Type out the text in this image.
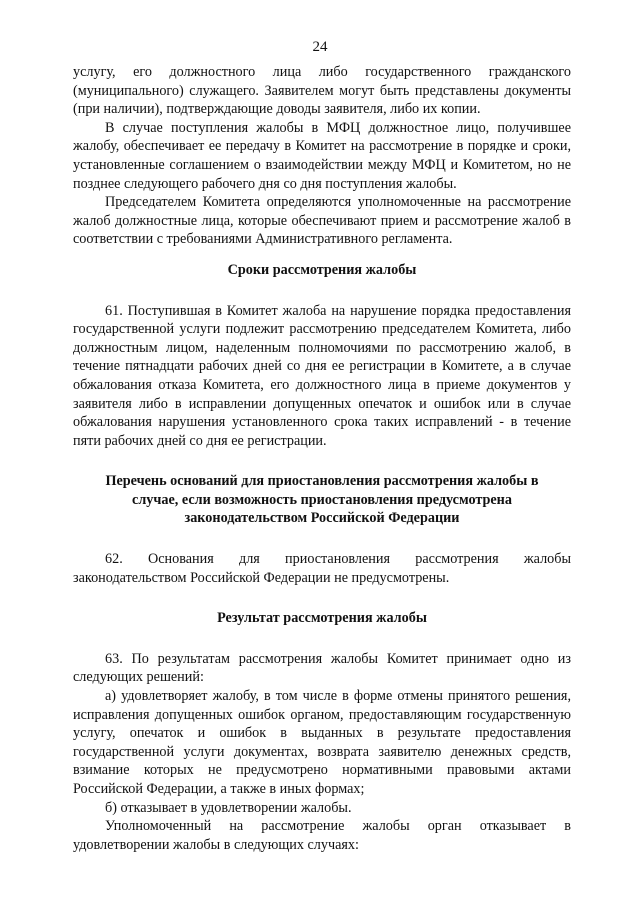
24

услугу, его должностного лица либо государственного гражданского (муниципального) служащего. Заявителем могут быть представлены документы (при наличии), подтверждающие доводы заявителя, либо их копии.

В случае поступления жалобы в МФЦ должностное лицо, получившее жалобу, обеспечивает ее передачу в Комитет на рассмотрение в порядке и сроки, установленные соглашением о взаимодействии между МФЦ и Комитетом, но не позднее следующего рабочего дня со дня поступления жалобы.

Председателем Комитета определяются уполномоченные на рассмотрение жалоб должностные лица, которые обеспечивают прием и рассмотрение жалоб в соответствии с требованиями Административного регламента.

Сроки рассмотрения жалобы

61. Поступившая в Комитет жалоба на нарушение порядка предоставления государственной услуги подлежит рассмотрению председателем Комитета, либо должностным лицом, наделенным полномочиями по рассмотрению жалоб, в течение пятнадцати рабочих дней со дня ее регистрации в Комитете, а в случае обжалования отказа Комитета, его должностного лица в приеме документов у заявителя либо в исправлении допущенных опечаток и ошибок или в случае обжалования нарушения установленного срока таких исправлений - в течение пяти рабочих дней со дня ее регистрации.

Перечень оснований для приостановления рассмотрения жалобы в

случае, если возможность приостановления предусмотрена

законодательством Российской Федерации

62. Основания для приостановления рассмотрения жалобы законодательством Российской Федерации не предусмотрены.

Результат рассмотрения жалобы

63. По результатам рассмотрения жалобы Комитет принимает одно из следующих решений:

а) удовлетворяет жалобу, в том числе в форме отмены принятого решения, исправления допущенных ошибок органом, предоставляющим государственную услугу, опечаток и ошибок в выданных в результате предоставления государственной услуги документах, возврата заявителю денежных средств, взимание которых не предусмотрено нормативными правовыми актами Российской Федерации, а также в иных формах;

б) отказывает в удовлетворении жалобы.

Уполномоченный на рассмотрение жалобы орган отказывает в удовлетворении жалобы в следующих случаях:
